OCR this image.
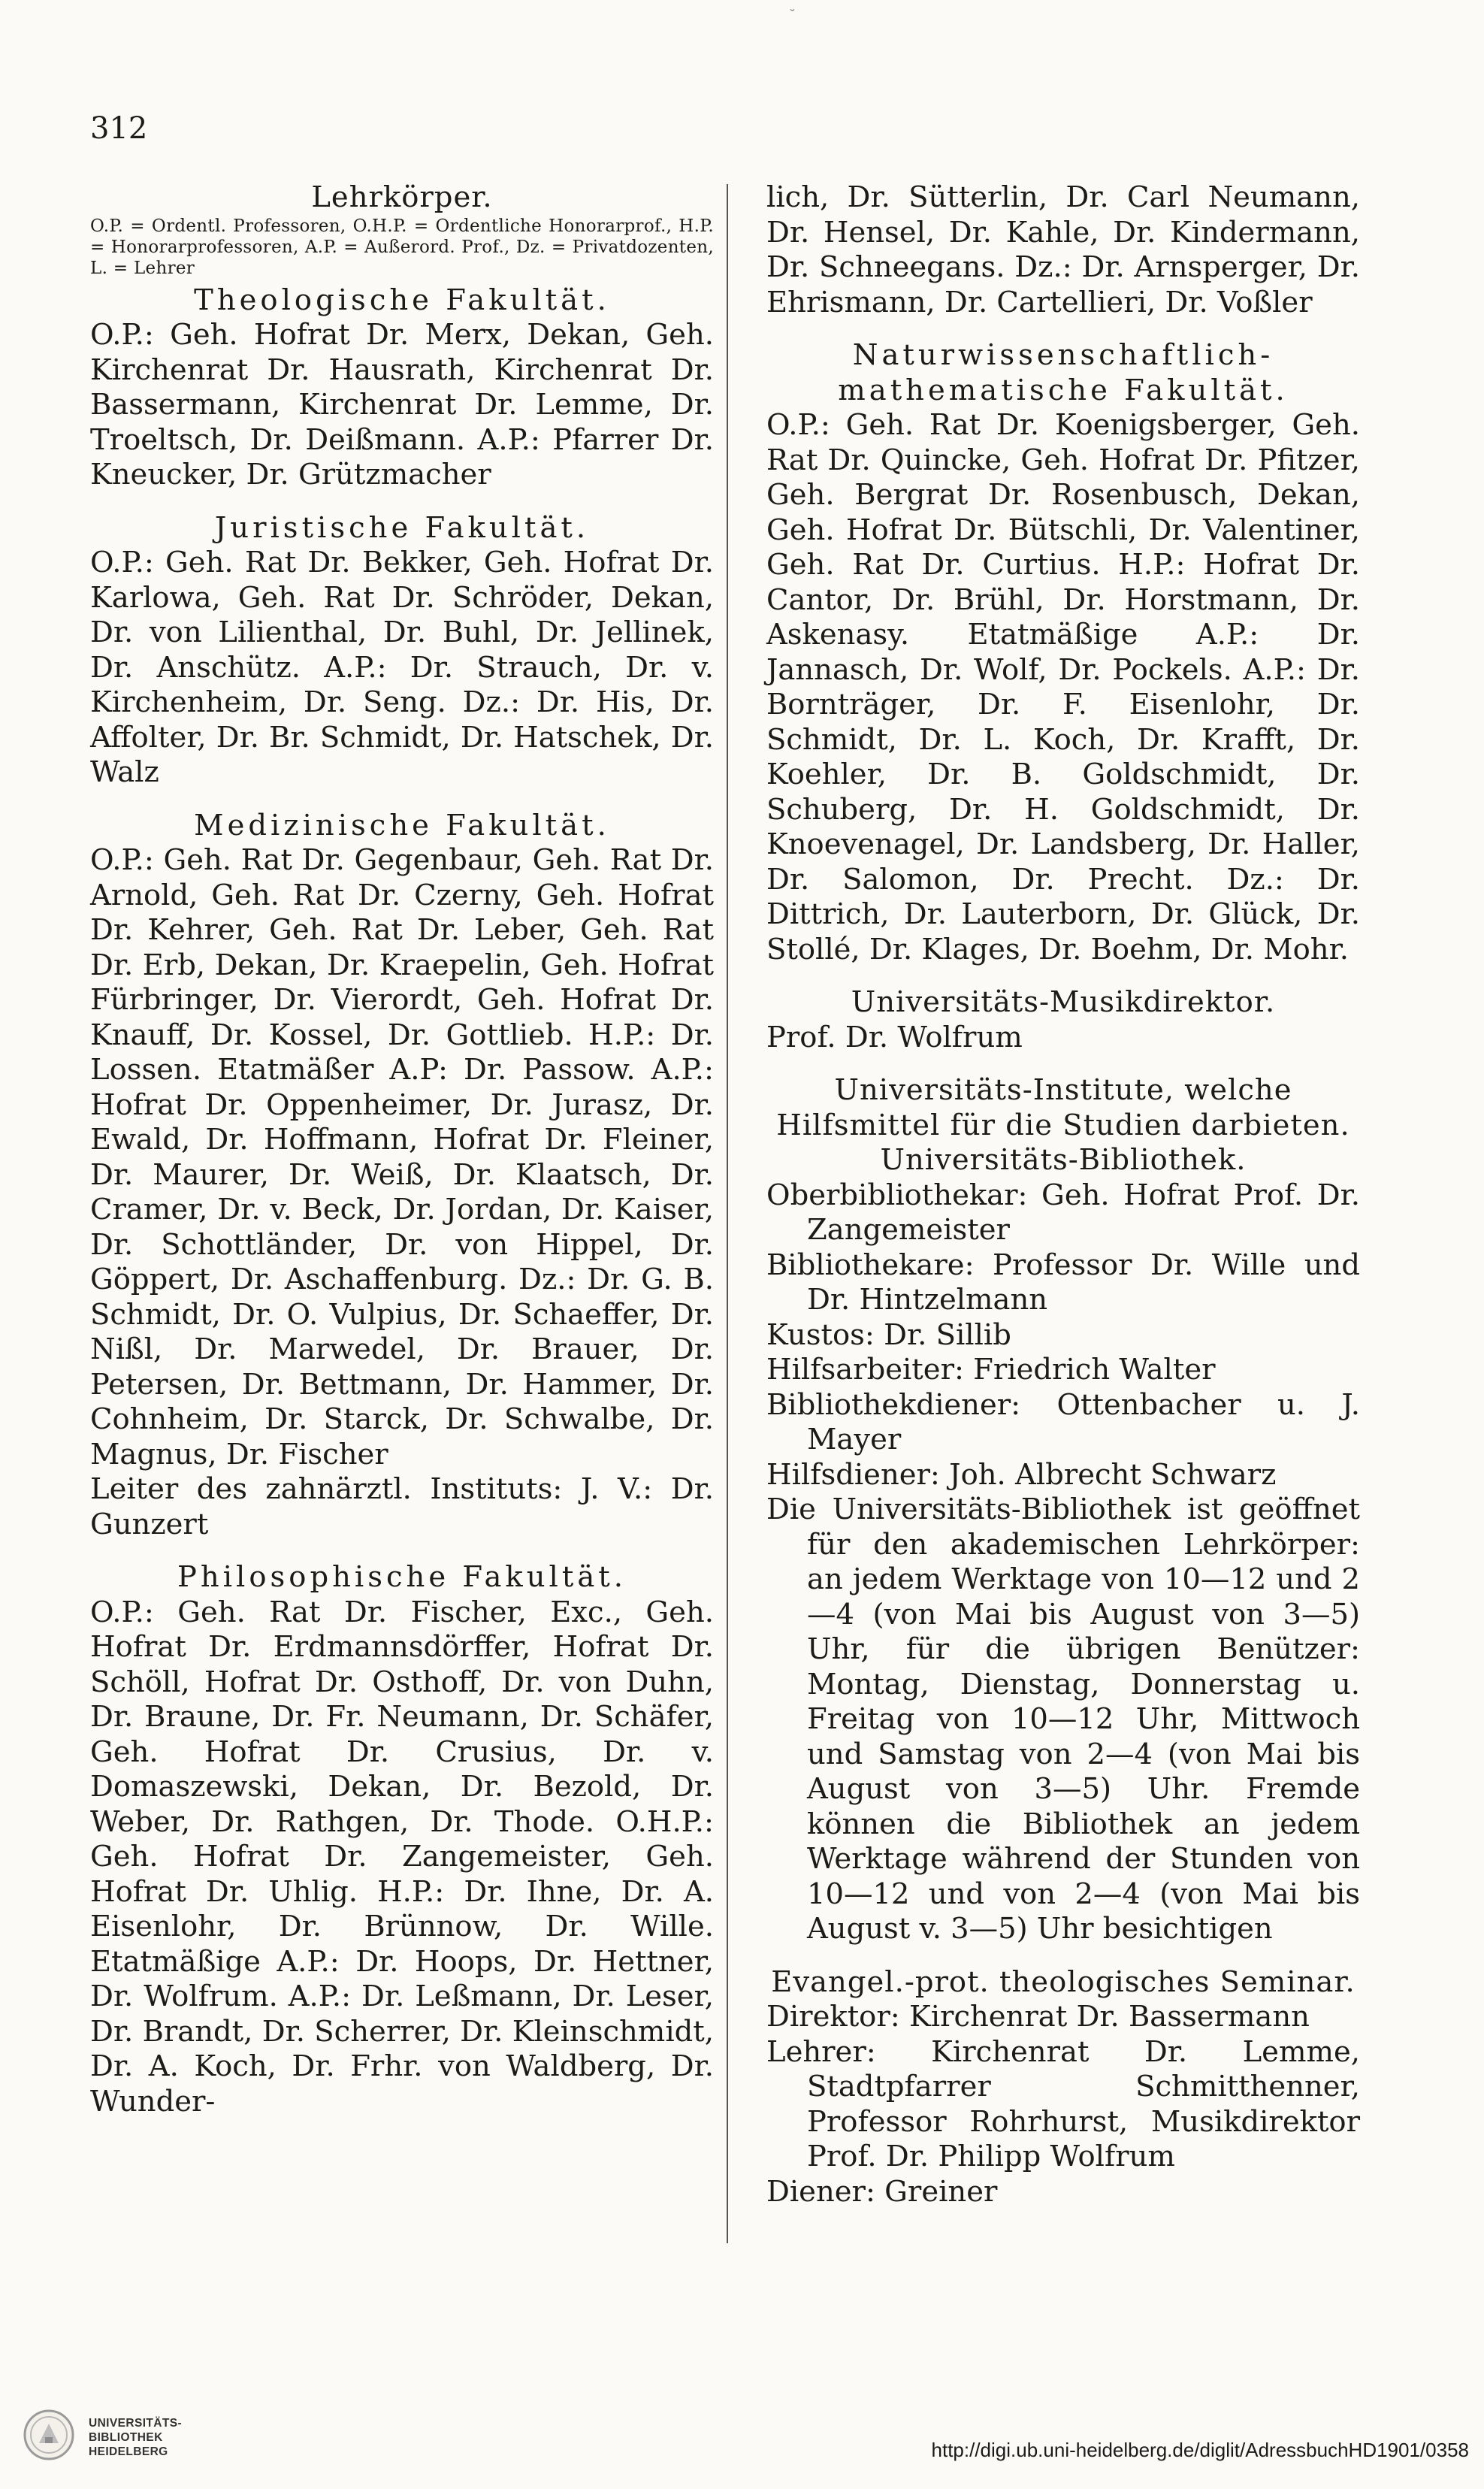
˘
312

Lehrkörper.

O.P. = Ordentl. Professoren, O.H.P. = Ordentliche Honorarprof., H.P. = Honorarprofessoren, A.P. = Außerord. Prof., Dz. = Privatdozenten, L. = Lehrer

Theologische Fakultät.

O.P.: Geh. Hofrat Dr. Merx, Dekan, Geh. Kirchenrat Dr. Hausrath, Kirchenrat Dr. Bassermann, Kirchenrat Dr. Lemme, Dr. Troeltsch, Dr. Deißmann. A.P.: Pfarrer Dr. Kneucker, Dr. Grützmacher

Juristische Fakultät.

O.P.: Geh. Rat Dr. Bekker, Geh. Hofrat Dr. Karlowa, Geh. Rat Dr. Schröder, Dekan, Dr. von Lilienthal, Dr. Buhl, Dr. Jellinek, Dr. Anschütz. A.P.: Dr. Strauch, Dr. v. Kirchenheim, Dr. Seng. Dz.: Dr. His, Dr. Affolter, Dr. Br. Schmidt, Dr. Hatschek, Dr. Walz

Medizinische Fakultät.

O.P.: Geh. Rat Dr. Gegenbaur, Geh. Rat Dr. Arnold, Geh. Rat Dr. Czerny, Geh. Hofrat Dr. Kehrer, Geh. Rat Dr. Leber, Geh. Rat Dr. Erb, Dekan, Dr. Kraepelin, Geh. Hofrat Fürbringer, Dr. Vierordt, Geh. Hofrat Dr. Knauff, Dr. Kossel, Dr. Gottlieb. H.P.: Dr. Lossen. Etatmäßer A.P: Dr. Passow. A.P.: Hofrat Dr. Oppenheimer, Dr. Jurasz, Dr. Ewald, Dr. Hoffmann, Hofrat Dr. Fleiner, Dr. Maurer, Dr. Weiß, Dr. Klaatsch, Dr. Cramer, Dr. v. Beck, Dr. Jordan, Dr. Kaiser, Dr. Schottländer, Dr. von Hippel, Dr. Göppert, Dr. Aschaffenburg. Dz.: Dr. G. B. Schmidt, Dr. O. Vulpius, Dr. Schaeffer, Dr. Nißl, Dr. Marwedel, Dr. Brauer, Dr. Petersen, Dr. Bettmann, Dr. Hammer, Dr. Cohnheim, Dr. Starck, Dr. Schwalbe, Dr. Magnus, Dr. Fischer

Leiter des zahnärztl. Instituts: J. V.: Dr. Gunzert

Philosophische Fakultät.

O.P.: Geh. Rat Dr. Fischer, Exc., Geh. Hofrat Dr. Erdmannsdörffer, Hofrat Dr. Schöll, Hofrat Dr. Osthoff, Dr. von Duhn, Dr. Braune, Dr. Fr. Neumann, Dr. Schäfer, Geh. Hofrat Dr. Crusius, Dr. v. Domaszewski, Dekan, Dr. Bezold, Dr. Weber, Dr. Rathgen, Dr. Thode. O.H.P.: Geh. Hofrat Dr. Zangemeister, Geh. Hofrat Dr. Uhlig. H.P.: Dr. Ihne, Dr. A. Eisenlohr, Dr. Brünnow, Dr. Wille. Etatmäßige A.P.: Dr. Hoops, Dr. Hettner, Dr. Wolfrum. A.P.: Dr. Leßmann, Dr. Leser, Dr. Brandt, Dr. Scherrer, Dr. Kleinschmidt, Dr. A. Koch, Dr. Frhr. von Waldberg, Dr. Wunder-

lich, Dr. Sütterlin, Dr. Carl Neumann, Dr. Hensel, Dr. Kahle, Dr. Kindermann, Dr. Schneegans. Dz.: Dr. Arnsperger, Dr. Ehrismann, Dr. Cartellieri, Dr. Voßler

Naturwissenschaftlich-mathematische Fakultät.

O.P.: Geh. Rat Dr. Koenigsberger, Geh. Rat Dr. Quincke, Geh. Hofrat Dr. Pfitzer, Geh. Bergrat Dr. Rosenbusch, Dekan, Geh. Hofrat Dr. Bütschli, Dr. Valentiner, Geh. Rat Dr. Curtius. H.P.: Hofrat Dr. Cantor, Dr. Brühl, Dr. Horstmann, Dr. Askenasy. Etatmäßige A.P.: Dr. Jannasch, Dr. Wolf, Dr. Pockels. A.P.: Dr. Bornträger, Dr. F. Eisenlohr, Dr. Schmidt, Dr. L. Koch, Dr. Krafft, Dr. Koehler, Dr. B. Goldschmidt, Dr. Schuberg, Dr. H. Goldschmidt, Dr. Knoevenagel, Dr. Landsberg, Dr. Haller, Dr. Salomon, Dr. Precht. Dz.: Dr. Dittrich, Dr. Lauterborn, Dr. Glück, Dr. Stollé, Dr. Klages, Dr. Boehm, Dr. Mohr.

Universitäts-Musikdirektor.

Prof. Dr. Wolfrum

Universitäts-Institute, welche Hilfsmittel für die Studien darbieten.

Universitäts-Bibliothek.

Oberbibliothekar: Geh. Hofrat Prof. Dr. Zangemeister

Bibliothekare: Professor Dr. Wille und Dr. Hintzelmann

Kustos: Dr. Sillib

Hilfsarbeiter: Friedrich Walter

Bibliothekdiener: Ottenbacher u. J. Mayer

Hilfsdiener: Joh. Albrecht Schwarz

Die Universitäts-Bibliothek ist geöffnet für den akademischen Lehrkörper: an jedem Werktage von 10—12 und 2—4 (von Mai bis August von 3—5) Uhr, für die übrigen Benützer: Montag, Dienstag, Donnerstag u. Freitag von 10—12 Uhr, Mittwoch und Samstag von 2—4 (von Mai bis August von 3—5) Uhr. Fremde können die Bibliothek an jedem Werktage während der Stunden von 10—12 und von 2—4 (von Mai bis August v. 3—5) Uhr besichtigen

Evangel.-prot. theologisches Seminar.

Direktor: Kirchenrat Dr. Bassermann

Lehrer: Kirchenrat Dr. Lemme, Stadtpfarrer Schmitthenner, Professor Rohrhurst, Musikdirektor Prof. Dr. Philipp Wolfrum

Diener: Greiner

UNIVERSITÄTS-
BIBLIOTHEK
HEIDELBERG	http://digi.ub.uni-heidelberg.de/diglit/AdressbuchHD1901/0358
